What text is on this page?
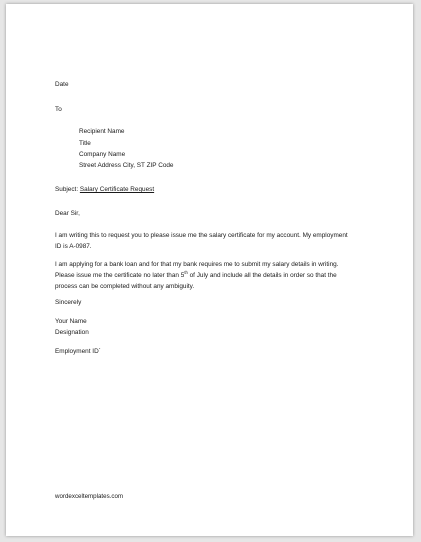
Date
To
Recipient Name
Title
Company Name
Street Address City, ST ZIP Code
Subject: Salary Certificate Request
Dear Sir,
I am writing this to request you to please issue me the salary certificate for my account. My employment ID is A-0987.
I am applying for a bank loan and for that my bank requires me to submit my salary details in writing. Please issue me the certificate no later than 5th of July and include all the details in order so that the process can be completed without any ambiguity.
Sincerely
Your Name
Designation
Employment ID`
wordexceltemplates.com
